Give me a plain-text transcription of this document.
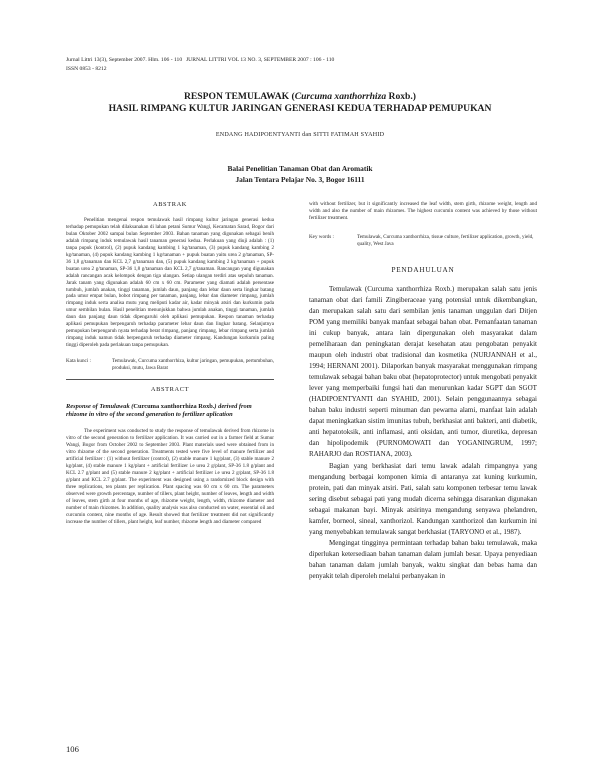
Jurnal Littri 13(3), September 2007. Hlm. 106 - 110
ISSN 0853 - 8212
JURNAL LITTRI VOL 13 NO. 3, SEPTEMBER 2007 : 106 - 110
RESPON TEMULAWAK (Curcuma xanthorrhiza Roxb.)
HASIL RIMPANG KULTUR JARINGAN GENERASI KEDUA TERHADAP PEMUPUKAN
ENDANG HADIPOENTYANTI dan SITTI FATIMAH SYAHID
Balai Penelitian Tanaman Obat dan Aromatik
Jalan Tentara Pelajar No. 3, Bogor 16111

ABSTRAK

Penelitian mengenai respon temulawak hasil rimpang kultur jaringan generasi kedua terhadap pemupukan telah dilaksanakan di lahan petani Sumur Wangi, Kecamatan Sarad, Bogor dari bulan Oktober 2002 sampai bulan September 2003. Bahan tanaman yang digunakan sebagai benih adalah rimpang induk temulawak hasil tanaman generasi kedua. Perlakuan yang diuji adalah : (1) tanpa pupuk (kontrol), (2) pupuk kandang kambing 1 kg/tanaman, (3) pupuk kandang kambing 2 kg/tanaman, (4) pupuk kandang kambing 1 kg/tanaman + pupuk buatan yaitu urea 2 g/tanaman, SP-36 1,8 g/tanaman dan KCL 2,7 g/tanaman dan, (5) pupuk kandang kambing 2 kg/tanaman + pupuk buatan urea 2 g/tanaman, SP-36 1,8 g/tanaman dan KCL 2,7 g/tanaman. Rancangan yang digunakan adalah rancangan acak kelompok dengan tiga ulangan. Setiap ulangan terdiri atas sepuluh tanaman. Jarak tanam yang digunakan adalah 60 cm x 60 cm. Parameter yang diamati adalah persentase tumbuh, jumlah anakan, tinggi tanaman, jumlah daun, panjang dan lebar daun serta lingkar batang pada umur empat bulan, bobot rimpang per tanaman, panjang, lebar dan diameter rimpang, jumlah rimpang induk serta analisa mutu yang meliputi kadar air, kadar minyak atsiri dan kurkumin pada umur sembilan bulan. Hasil penelitian menunjukkan bahwa jumlah anakan, tinggi tanaman, jumlah daun dan panjang daun tidak dipengaruhi oleh aplikasi pemupukan. Respon tanaman terhadap aplikasi pemupukan berpengaruh terhadap parameter lebar daun dan lingkar batang. Selanjutnya pemupukan berpengaruh nyata terhadap berat rimpang, panjang rimpang, lebar rimpang serta jumlah rimpang induk namun tidak berpengaruh terhadap diameter rimpang. Kandungan kurkumin paling tinggi diperoleh pada perlakuan tanpa pemupukan.

Kata kunci :	Temulawak, Curcuma xanthorrhiza, kultur jaringan, pemupukan, pertumbuhan, produksi, mutu, Jawa Barat

ABSTRACT

Response of Temulawak (Curcuma xanthorrhiza Roxb.) derived from rhizome in vitro of the second generation to fertilizer aplication

The experiment was conducted to study the response of temulawak derived from rhizome in vitro of the second generation to fertilizer application. It was carried out in a farmer field at Sumur Wangi, Bogor from October 2002 to September 2003. Plant materials used were obtained from in vitro rhizome of the second generation. Treatments tested were five level of manure fertilizer and artificial fertilizer : (1) without fertilizer (control), (2) stable manure 1 kg/plant, (3) stable manure 2 kg/plant, (4) stable manure 1 kg/plant + artificial fertilizer i.e urea 2 g/plant, SP-36 1.8 g/plant and KCL 2.7 g/plant and (5) stable manure 2 kg/plant + artificial fertilizer i.e urea 2 g/plant, SP-36 1.8 g/plant and KCL 2.7 g/plant. The experiment was designed using a randomized block design with three replications, ten plants per replication. Plant spacing was 60 cm x 60 cm. The parameters observed were growth percentage, number of tillers, plant height, number of leaves, length and width of leaves, stem girth at four months of age, rhizome weight, length, width, rhizome diameter and number of main rhizomes. In addition, quality analysis was also conducted on water, essential oil and curcumin content, nine months of age. Result showed that fertilizer treatment did not significantly increase the number of tillers, plant height, leaf number, rhizome length and diameter compared

with without fertilizer, but it significantly increased the leaf width, stem girth, rhizome weight, length and width and also the number of main rhizomes. The highest curcumin content was achieved by those without fertilizer treatment.

Key words :	Temulawak, Curcuma xanthorrhiza, tissue culture, fertilizer application, growth, yield, quality, West Java

PENDAHULUAN

Temulawak (Curcuma xanthorrhiza Roxb.) merupakan salah satu jenis tanaman obat dari famili Zingiberaceae yang potensial untuk dikembangkan, dan merupakan salah satu dari sembilan jenis tanaman unggulan dari Ditjen POM yang memiliki banyak manfaat sebagai bahan obat. Pemanfaatan tanaman ini cukup banyak, antara lain dipergunakan oleh masyarakat dalam pemeliharaan dan peningkatan derajat kesehatan atau pengobatan penyakit maupun oleh industri obat tradisional dan kosmetika (NURJANNAH et al., 1994; HERNANI 2001). Dilaporkan banyak masyarakat menggunakan rimpang temulawak sebagai bahan baku obat (hepatoprotector) untuk mengobati penyakit lever yang memperbaiki fungsi hati dan menurunkan kadar SGPT dan SGOT (HADIPOENTYANTI dan SYAHID, 2001). Selain penggunaannya sebagai bahan baku industri seperti minuman dan pewarna alami, manfaat lain adalah dapat meningkatkan sistim imunitas tubuh, berkhasiat anti bakteri, anti diabetik, anti hepatotoksik, anti inflamasi, anti oksidan, anti tumor, diuretika, depresan dan hipolipodemik (PURNOMOWATI dan YOGANINGRUM, 1997; RAHARJO dan ROSTIANA, 2003).

Bagian yang berkhasiat dari temu lawak adalah rimpangnya yang mengandung berbagai komponen kimia di antaranya zat kuning kurkumin, protein, pati dan minyak atsiri. Pati, salah satu komponen terbesar temu lawak sering disebut sebagai pati yang mudah dicerna sehingga disarankan digunakan sebagai makanan bayi. Minyak atsirinya mengandung senyawa phelandren, kamfer, borneol, sineal, xanthorizol. Kandungan xanthorizol dan kurkumin ini yang menyebabkan temulawak sangat berkhasiat (TARYONO et al., 1987).

Mengingat tingginya permintaan terhadap bahan baku temulawak, maka diperlukan ketersediaan bahan tanaman dalam jumlah besar. Upaya penyediaan bahan tanaman dalam jumlah banyak, waktu singkat dan bebas hama dan penyakit telah diperoleh melalui perbanyakan in

106
